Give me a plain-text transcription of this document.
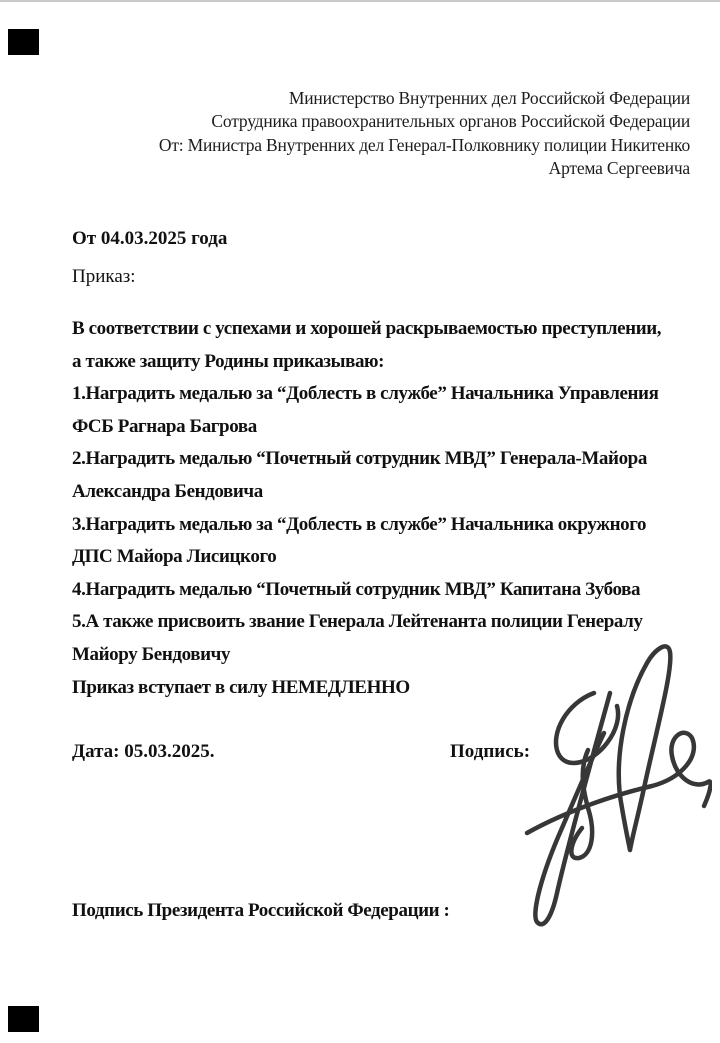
Министерство Внутренних дел Российской Федерации
Сотрудника правоохранительных органов Российской Федерации
От: Министра Внутренних дел Генерал-Полковнику полиции Никитенко
Артема Сергеевича
От 04.03.2025 года
Приказ:
В соответствии с успехами и хорошей раскрываемостью преступлении,
а также защиту Родины приказываю:
1.Наградить медалью за “Доблесть в службе” Начальника Управления
ФСБ Рагнара Багрова
2.Наградить медалью “Почетный сотрудник МВД” Генерала-Майора
Александра Бендовича
3.Наградить медалью за “Доблесть в службе” Начальника окружного
ДПС Майора Лисицкого
4.Наградить медалью “Почетный сотрудник МВД” Капитана Зубова
5.А также присвоить звание Генерала Лейтенанта полиции Генералу
Майору Бендовичу
Приказ вступает в силу НЕМЕДЛЕННО
Дата: 05.03.2025.	Подпись:
Подпись Президента Российской Федерации :
